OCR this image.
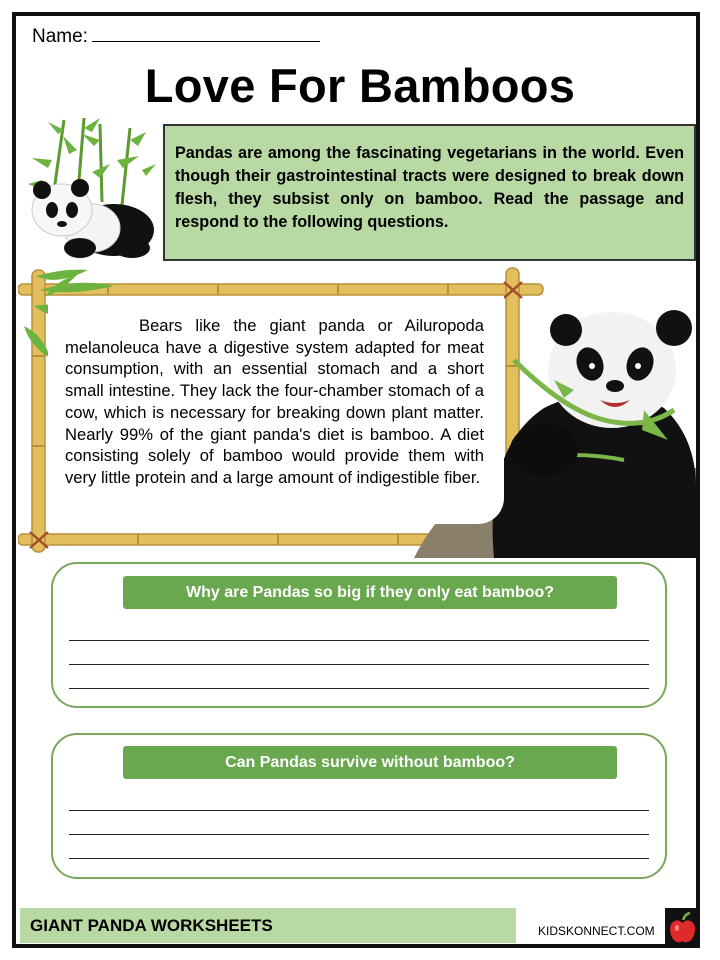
Name:
Love For Bamboos
Pandas are among the fascinating vegetarians in the world. Even though their gastrointestinal tracts were designed to break down flesh, they subsist only on bamboo. Read the passage and respond to the following questions.
Bears like the giant panda or Ailuropoda melanoleuca have a digestive system adapted for meat consumption, with an essential stomach and a short small intestine. They lack the four-chamber stomach of a cow, which is necessary for breaking down plant matter. Nearly 99% of the giant panda's diet is bamboo. A diet consisting solely of bamboo would provide them with very little protein and a large amount of indigestible fiber.
Why are Pandas so big if they only eat bamboo?
Can Pandas survive without bamboo?
GIANT PANDA WORKSHEETS	KIDSKONNECT.COM
